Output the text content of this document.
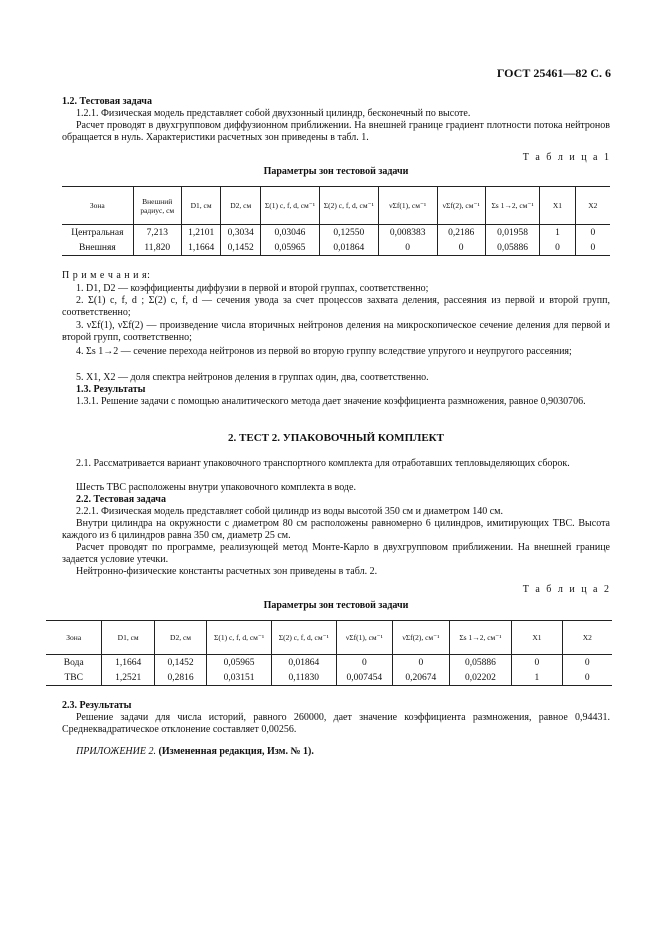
ГОСТ 25461—82 С. 6

1.2. Тестовая задача

1.2.1. Физическая модель представляет собой двухзонный цилиндр, бесконечный по высоте.

Расчет проводят в двухгрупповом диффузионном приближении. На внешней границе градиент плотности потока нейтронов обращается в нуль. Характеристики расчетных зон приведены в табл. 1.

Т а б л и ц а 1
Параметры зон тестовой задачи
Зона	Внешний радиус, см	D1, см	D2, см	Σ(1) c, f, d, см⁻¹	Σ(2) c, f, d, см⁻¹	νΣf(1), см⁻¹	νΣf(2), см⁻¹	Σs 1→2, см⁻¹	X1	X2
Центральная	7,213	1,2101	0,3034	0,03046	0,12550	0,008383	0,2186	0,01958	1	0
Внешняя	11,820	1,1664	0,1452	0,05965	0,01864	0	0	0,05886	0	0

П р и м е ч а н и я:

1. D1, D2 — коэффициенты диффузии в первой и второй группах, соответственно;

2. Σ(1) c, f, d ; Σ(2) c, f, d — сечения увода за счет процессов захвата деления, рассеяния из первой и второй групп, соответственно;

3. νΣf(1), νΣf(2) — произведение числа вторичных нейтронов деления на микроскопическое сечение деления для первой и второй групп, соответственно;

4. Σs 1→2 — сечение перехода нейтронов из первой во вторую группу вследствие упругого и неупругого рассеяния;

5. X1, X2 — доля спектра нейтронов деления в группах один, два, соответственно.

1.3. Результаты

1.3.1. Решение задачи с помощью аналитического метода дает значение коэффициента размножения, равное 0,9030706.

2. ТЕСТ 2. УПАКОВОЧНЫЙ КОМПЛЕКТ

2.1. Рассматривается вариант упаковочного транспортного комплекта для отработавших тепловыделяющих сборок.

Шесть ТВС расположены внутри упаковочного комплекта в воде.

2.2. Тестовая задача

2.2.1. Физическая модель представляет собой цилиндр из воды высотой 350 см и диаметром 140 см.

Внутри цилиндра на окружности с диаметром 80 см расположены равномерно 6 цилиндров, имитирующих ТВС. Высота каждого из 6 цилиндров равна 350 см, диаметр 25 см.

Расчет проводят по программе, реализующей метод Монте-Карло в двухгрупповом приближении. На внешней границе задается условие утечки.

Нейтронно-физические константы расчетных зон приведены в табл. 2.

Т а б л и ц а 2
Параметры зон тестовой задачи
Зона	D1, см	D2, см	Σ(1) c, f, d, см⁻¹	Σ(2) c, f, d, см⁻¹	νΣf(1), см⁻¹	νΣf(2), см⁻¹	Σs 1→2, см⁻¹	X1	X2
Вода	1,1664	0,1452	0,05965	0,01864	0	0	0,05886	0	0
ТВС	1,2521	0,2816	0,03151	0,11830	0,007454	0,20674	0,02202	1	0

2.3. Результаты

Решение задачи для числа историй, равного 260000, дает значение коэффициента размножения, равное 0,94431. Среднеквадратическое отклонение составляет 0,00256.

ПРИЛОЖЕНИЕ 2. (Измененная редакция, Изм. № 1).
